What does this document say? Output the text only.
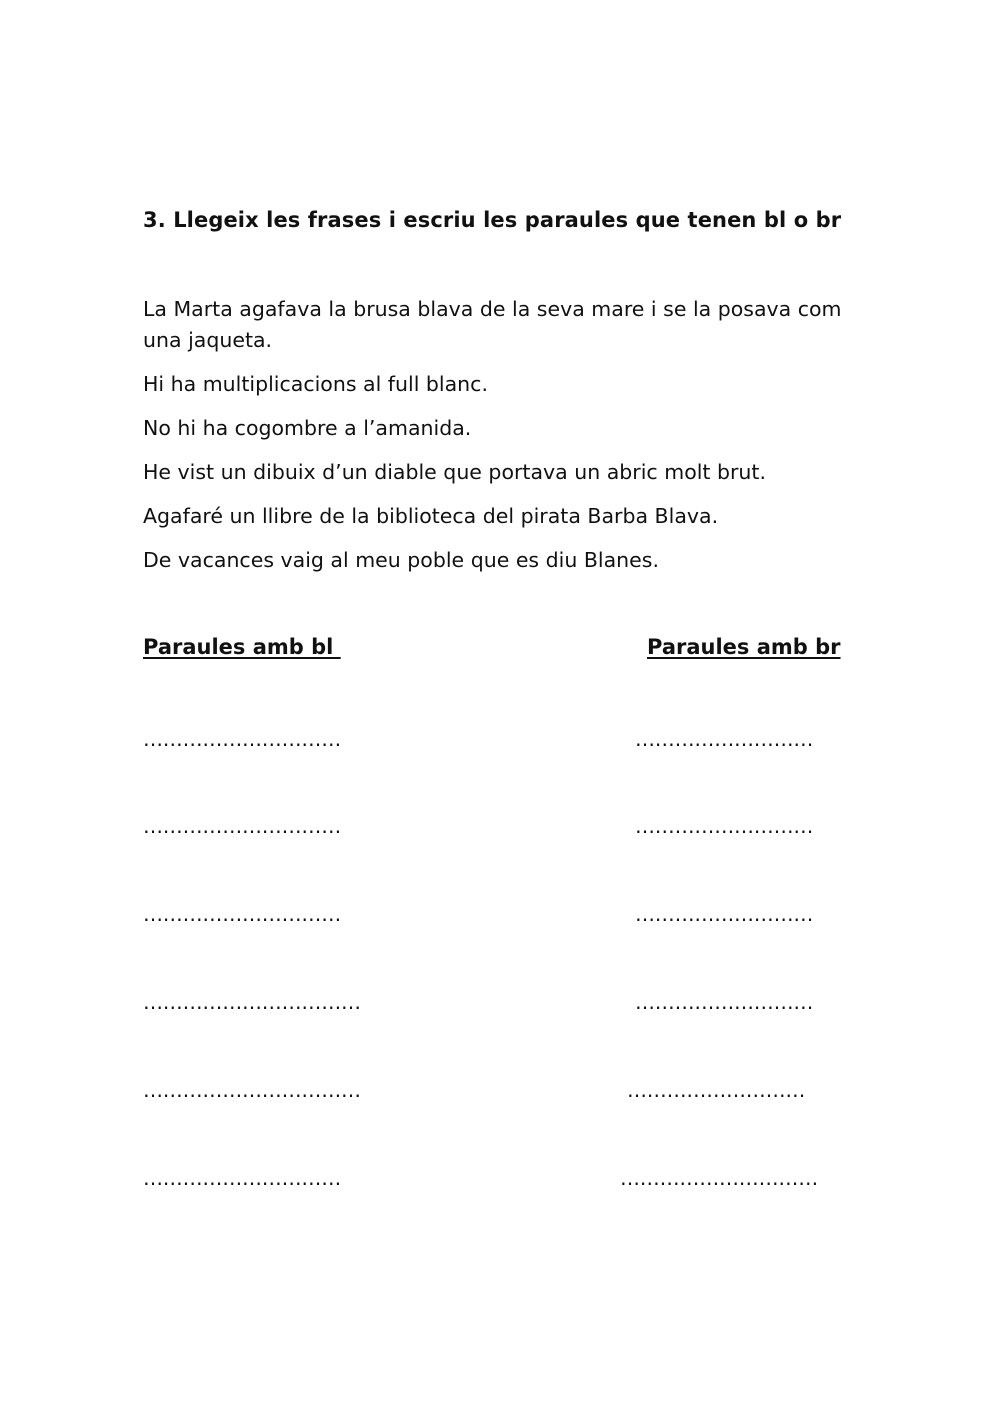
3. Llegeix les frases i escriu les paraules que tenen bl o br

La Marta agafava la brusa blava de la seva mare i se la posava com una jaqueta.

Hi ha multiplicacions al full blanc.

No hi ha cogombre a l’amanida.

He vist un dibuix d’un diable que portava un abric molt brut.

Agafaré un llibre de la biblioteca del pirata Barba Blava.

De vacances vaig al meu poble que es diu Blanes.

Paraules amb bl	Paraules amb br
…………………………
…………………………
…………………………
……………………………
……………………………
…………………………
………………………
………………………
………………………
………………………
………………………
…………………………
